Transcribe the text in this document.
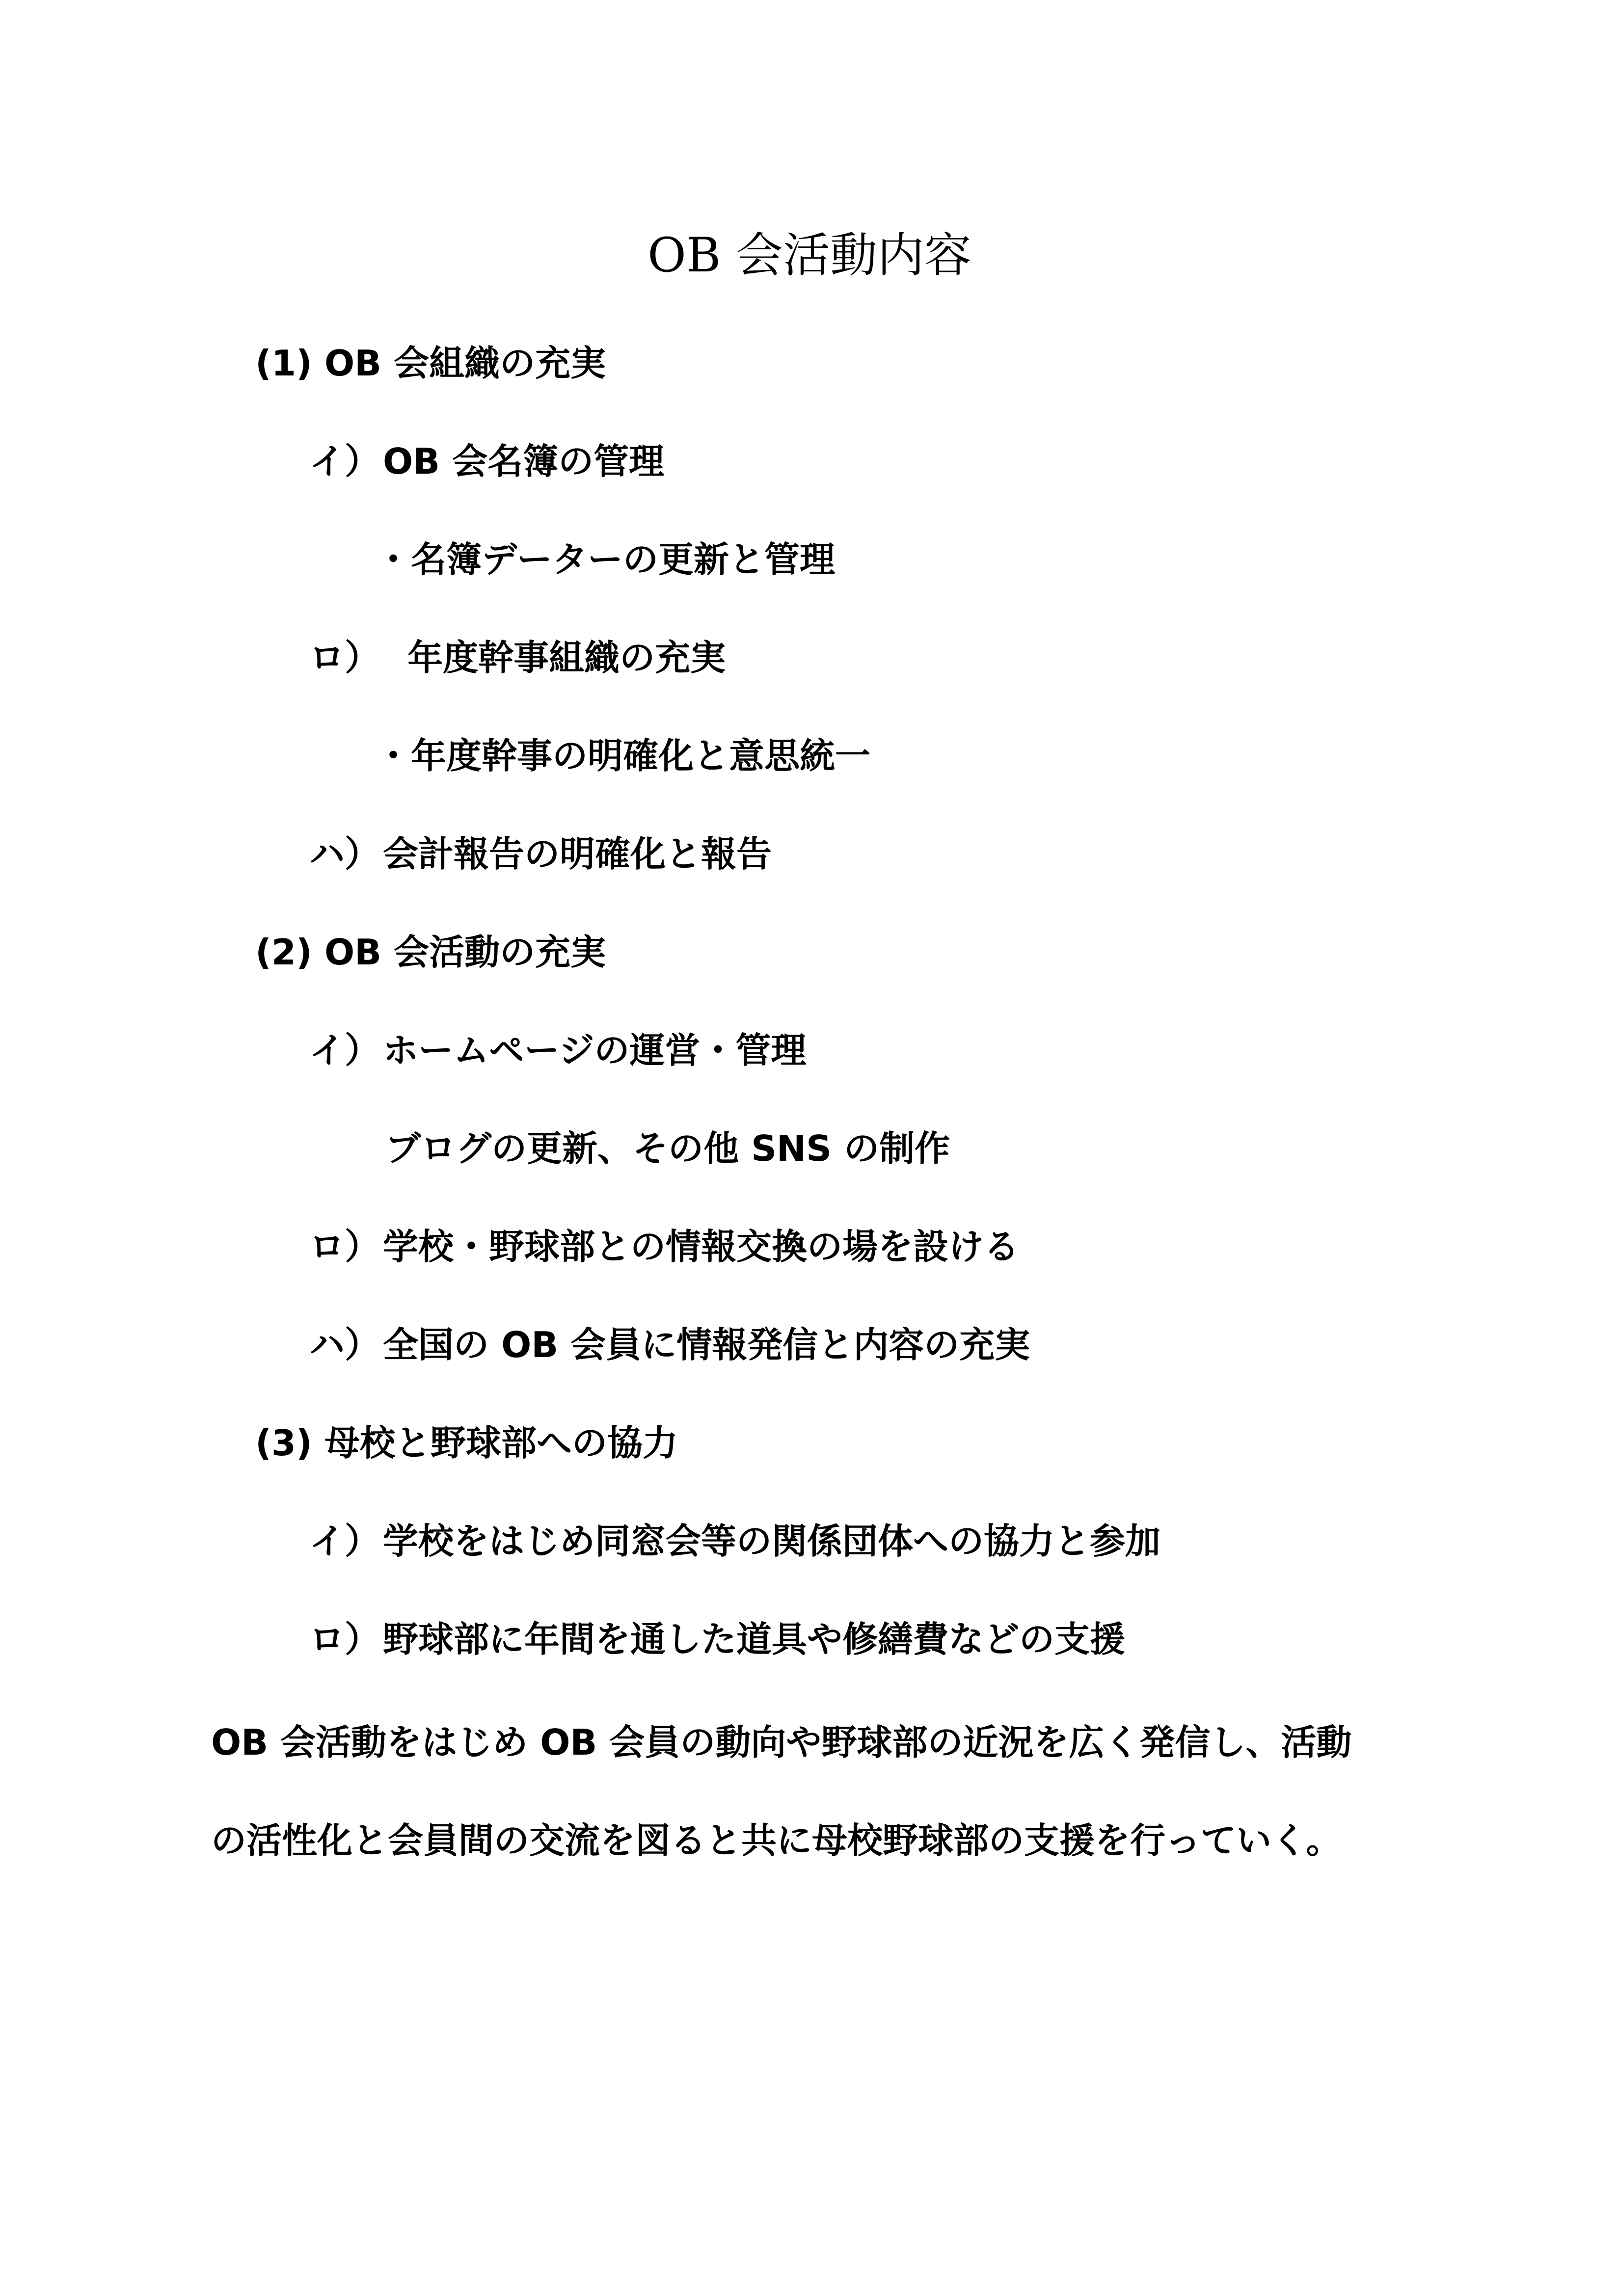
OB 会活動内容
(1) OB 会組織の充実
イ）OB 会名簿の管理
・名簿データーの更新と管理
ロ）  年度幹事組織の充実
・年度幹事の明確化と意思統一
ハ）会計報告の明確化と報告
(2) OB 会活動の充実
イ）ホームページの運営・管理
ブログの更新、その他 SNS の制作
ロ）学校・野球部との情報交換の場を設ける
ハ）全国の OB 会員に情報発信と内容の充実
(3) 母校と野球部への協力
イ）学校をはじめ同窓会等の関係団体への協力と参加
ロ）野球部に年間を通した道具や修繕費などの支援
OB 会活動をはじめ OB 会員の動向や野球部の近況を広く発信し、活動
の活性化と会員間の交流を図ると共に母校野球部の支援を行っていく。
